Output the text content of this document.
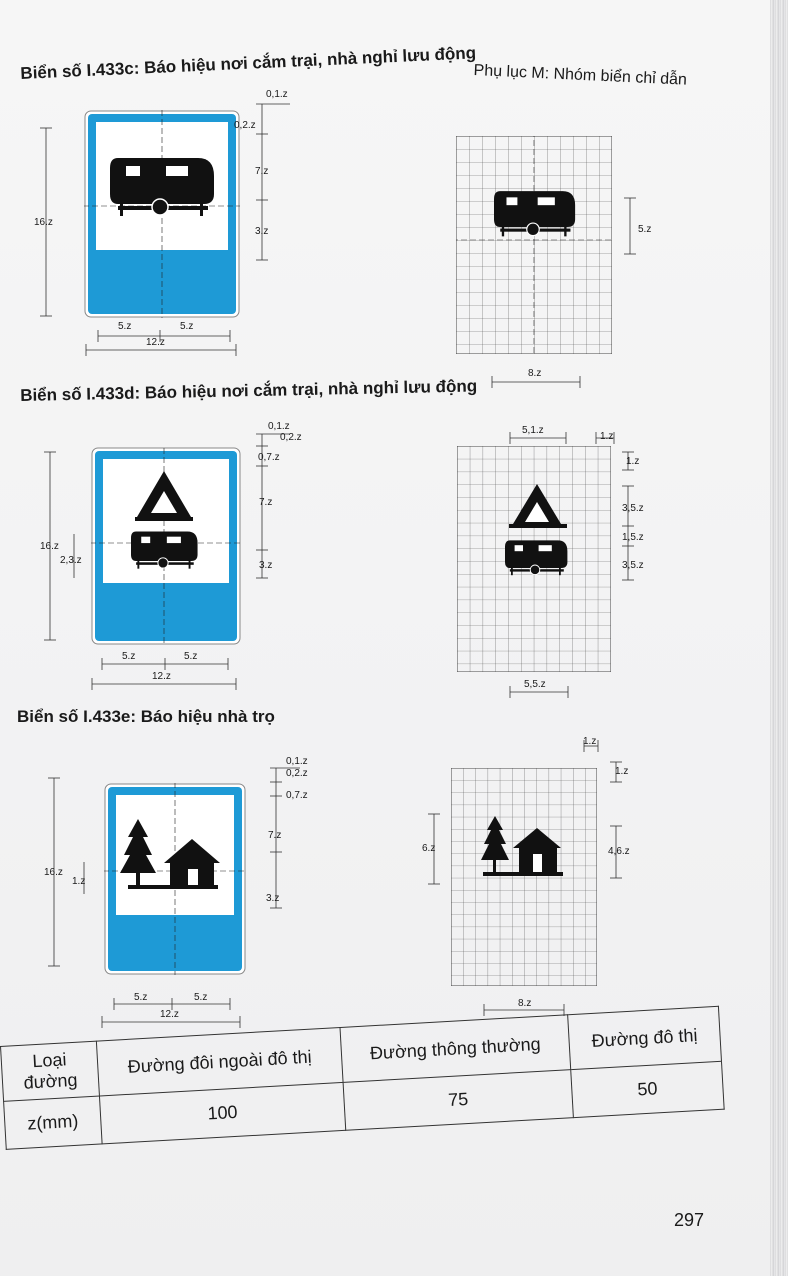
Phụ lục M: Nhóm biển chỉ dẫn
Biển số I.433c: Báo hiệu nơi cắm trại, nhà nghỉ lưu động
0,1.z
0,2.z
7.z
3.z
16.z
5.z	5.z
12.z
5.z
8.z
Biển số I.433d: Báo hiệu nơi cắm trại, nhà nghỉ lưu động
0,1.z
0,2.z
0,7.z
7.z
3.z
16.z
2,3.z
5.z	5.z
12.z
5,1.z
1.z
1.z
3,5.z
1,5.z
3,5.z
5,5.z
Biển số I.433e: Báo hiệu nhà trọ
0,1.z
0,2.z
0,7.z
7.z
3.z
16.z
1.z
5.z	5.z
12.z
1.z
1.z
6.z	4,6.z
8.z
Loại đường	Đường đôi ngoài đô thị	Đường thông thường	Đường đô thị
z(mm)	100	75	50
297
